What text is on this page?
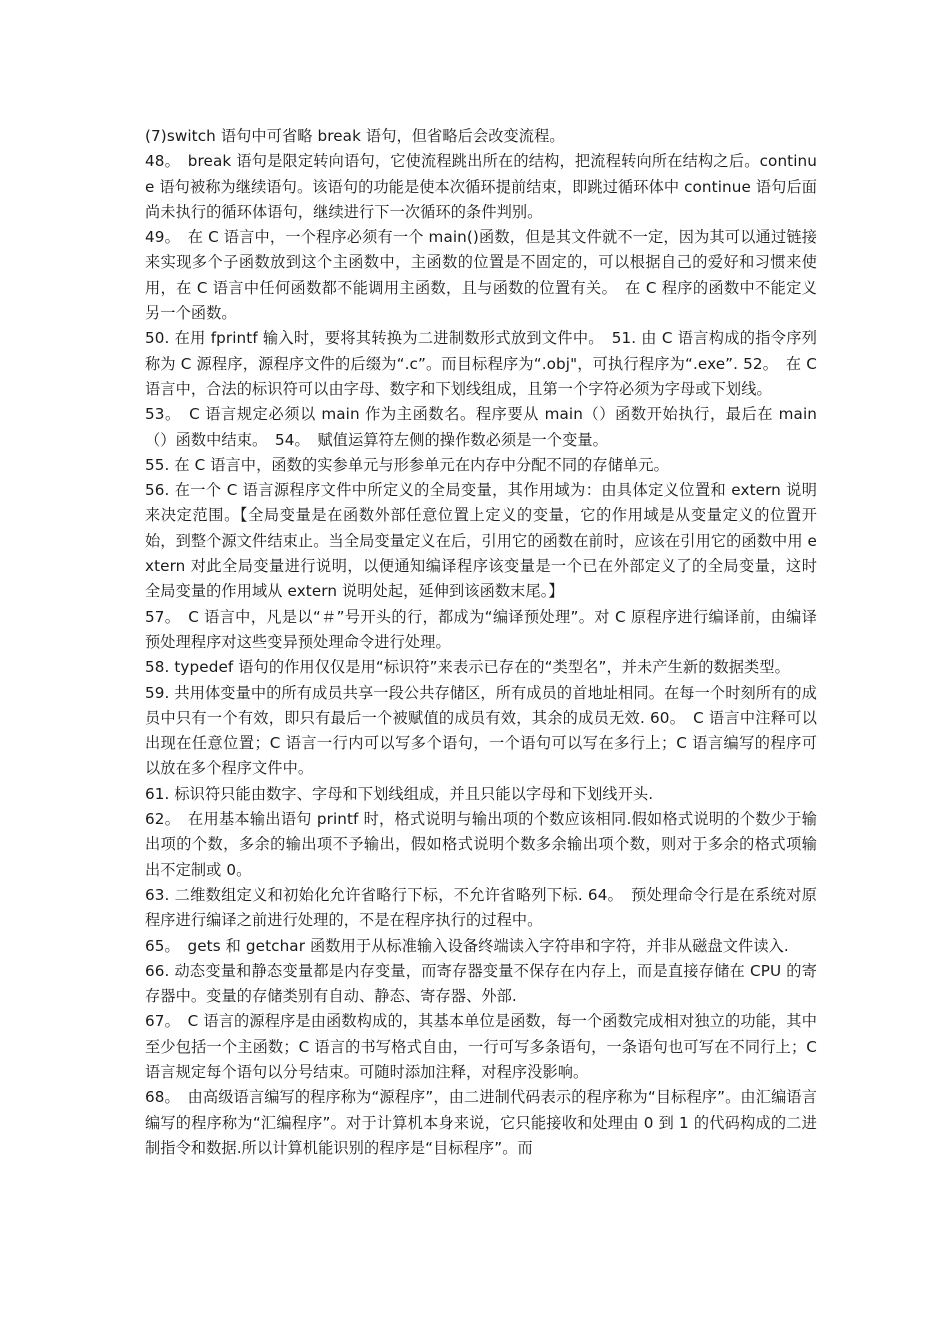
(7)switch 语句中可省略 break 语句，但省略后会改变流程。

48。　break 语句是限定转向语句，它使流程跳出所在的结构，把流程转向所在结构之后。continue 语句被称为继续语句。该语句的功能是使本次循环提前结束，即跳过循环体中 continue 语句后面尚未执行的循环体语句，继续进行下一次循环的条件判别。

49。　在 C 语言中，一个程序必须有一个 main()函数，但是其文件就不一定，因为其可以通过链接来实现多个子函数放到这个主函数中，主函数的位置是不固定的，可以根据自己的爱好和习惯来使用，在 C 语言中任何函数都不能调用主函数，且与函数的位置有关。　在 C 程序的函数中不能定义另一个函数。

50. 在用 fprintf 输入时，要将其转换为二进制数形式放到文件中。　51. 由 C 语言构成的指令序列称为 C 源程序，源程序文件的后缀为“.c”。而目标程序为“.obj"，可执行程序为“.exe”. 52。　在 C 语言中，合法的标识符可以由字母、数字和下划线组成，且第一个字符必须为字母或下划线。

53。　C 语言规定必须以 main 作为主函数名。程序要从 main（）函数开始执行，最后在 main（）函数中结束。　54。　赋值运算符左侧的操作数必须是一个变量。

55. 在 C 语言中，函数的实参单元与形参单元在内存中分配不同的存储单元。

56. 在一个 C 语言源程序文件中所定义的全局变量，其作用域为：由具体定义位置和 extern 说明来决定范围。【全局变量是在函数外部任意位置上定义的变量，它的作用域是从变量定义的位置开始，到整个源文件结束止。当全局变量定义在后，引用它的函数在前时，应该在引用它的函数中用 extern 对此全局变量进行说明，以便通知编译程序该变量是一个已在外部定义了的全局变量，这时全局变量的作用域从 extern 说明处起，延伸到该函数末尾。】

57。　C 语言中，凡是以“＃”号开头的行，都成为“编译预处理”。对 C 原程序进行编译前，由编译预处理程序对这些变异预处理命令进行处理。

58. typedef 语句的作用仅仅是用“标识符”来表示已存在的“类型名”，并未产生新的数据类型。

59. 共用体变量中的所有成员共享一段公共存储区，所有成员的首地址相同。在每一个时刻所有的成员中只有一个有效，即只有最后一个被赋值的成员有效，其余的成员无效. 60。　C 语言中注释可以出现在任意位置；C 语言一行内可以写多个语句，一个语句可以写在多行上；C 语言编写的程序可以放在多个程序文件中。

61. 标识符只能由数字、字母和下划线组成，并且只能以字母和下划线开头.

62。　在用基本输出语句 printf 时，格式说明与输出项的个数应该相同.假如格式说明的个数少于输出项的个数，多余的输出项不予输出，假如格式说明个数多余输出项个数，则对于多余的格式项输出不定制或 0。

63. 二维数组定义和初始化允许省略行下标，不允许省略列下标. 64。　预处理命令行是在系统对原程序进行编译之前进行处理的，不是在程序执行的过程中。

65。　gets 和 getchar 函数用于从标准输入设备终端读入字符串和字符，并非从磁盘文件读入.

66. 动态变量和静态变量都是内存变量，而寄存器变量不保存在内存上，而是直接存储在 CPU 的寄存器中。变量的存储类别有自动、静态、寄存器、外部.

67。　C 语言的源程序是由函数构成的，其基本单位是函数，每一个函数完成相对独立的功能，其中至少包括一个主函数；C 语言的书写格式自由，一行可写多条语句，一条语句也可写在不同行上；C 语言规定每个语句以分号结束。可随时添加注释，对程序没影响。

68。　由高级语言编写的程序称为“源程序”，由二进制代码表示的程序称为“目标程序”。由汇编语言编写的程序称为“汇编程序”。对于计算机本身来说，它只能接收和处理由 0 到 1 的代码构成的二进制指令和数据.所以计算机能识别的程序是“目标程序”。而
